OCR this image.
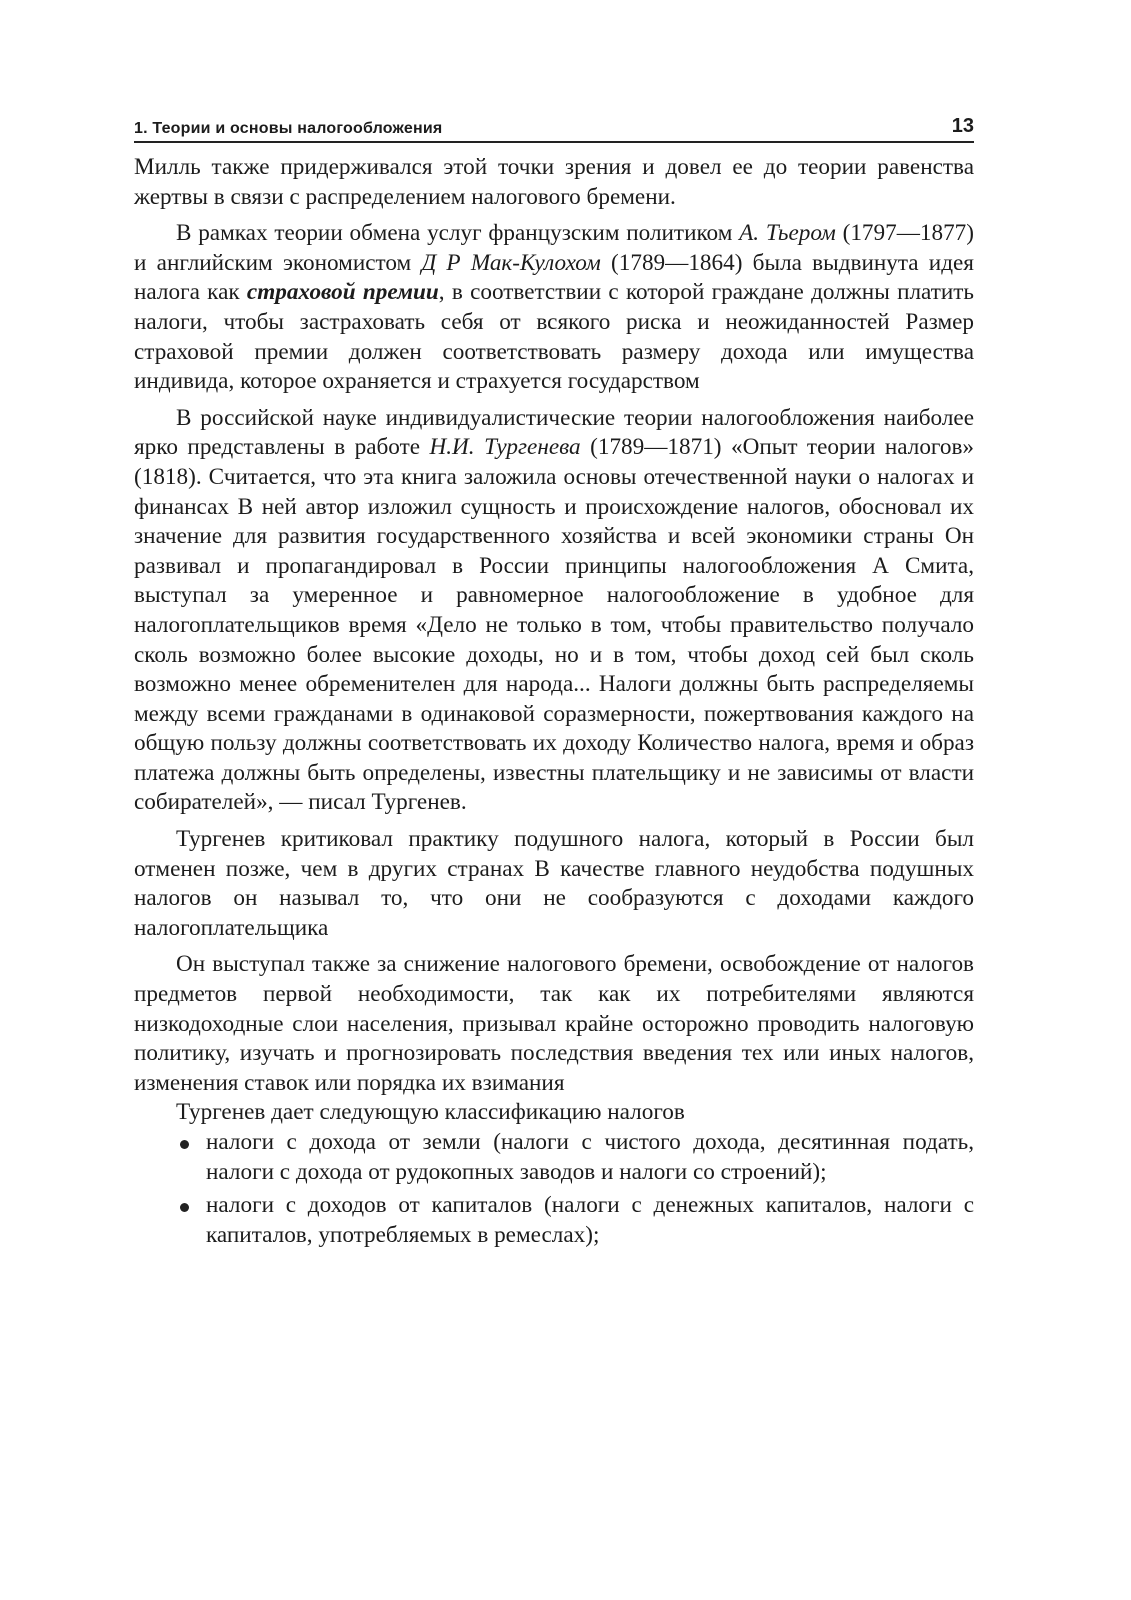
1. Теории и основы налогообложения	13

Милль также придерживался этой точки зрения и довел ее до теории равенства жертвы в связи с распределением налогового бремени.

В рамках теории обмена услуг французским политиком А. Тьером (1797—1877) и английским экономистом Д Р Мак-Кулохом (1789—1864) была выдвинута идея налога как страховой премии, в соответствии с которой граждане должны платить налоги, чтобы застраховать себя от всякого риска и неожиданностей Размер страховой премии должен соответствовать размеру дохода или имущества индивида, которое охраняется и страхуется государством

В российской науке индивидуалистические теории налогообложения наиболее ярко представлены в работе Н.И. Тургенева (1789—1871) «Опыт теории налогов» (1818). Считается, что эта книга заложила основы отечественной науки о налогах и финансах В ней автор изложил сущность и происхождение налогов, обосновал их значение для развития государственного хозяйства и всей экономики страны Он развивал и пропагандировал в России принципы налогообложения А Смита, выступал за умеренное и равномерное налогообложение в удобное для налогоплательщиков время «Дело не только в том, чтобы правительство получало сколь возможно более высокие доходы, но и в том, чтобы доход сей был сколь возможно менее обременителен для народа... Налоги должны быть распределяемы между всеми гражданами в одинаковой соразмерности, пожертвования каждого на общую пользу должны соответствовать их доходу Количество налога, время и образ платежа должны быть определены, известны плательщику и не зависимы от власти собирателей», — писал Тургенев.

Тургенев критиковал практику подушного налога, который в России был отменен позже, чем в других странах В качестве главного неудобства подушных налогов он называл то, что они не сообразуются с доходами каждого налогоплательщика

Он выступал также за снижение налогового бремени, освобождение от налогов предметов первой необходимости, так как их потребителями являются низкодоходные слои населения, призывал крайне осторожно проводить налоговую политику, изучать и прогнозировать последствия введения тех или иных налогов, изменения ставок или порядка их взимания

Тургенев дает следующую классификацию налогов

налоги с дохода от земли (налоги с чистого дохода, десятинная подать, налоги с дохода от рудокопных заводов и налоги со строений);
налоги с доходов от капиталов (налоги с денежных капиталов, налоги с капиталов, употребляемых в ремеслах);
